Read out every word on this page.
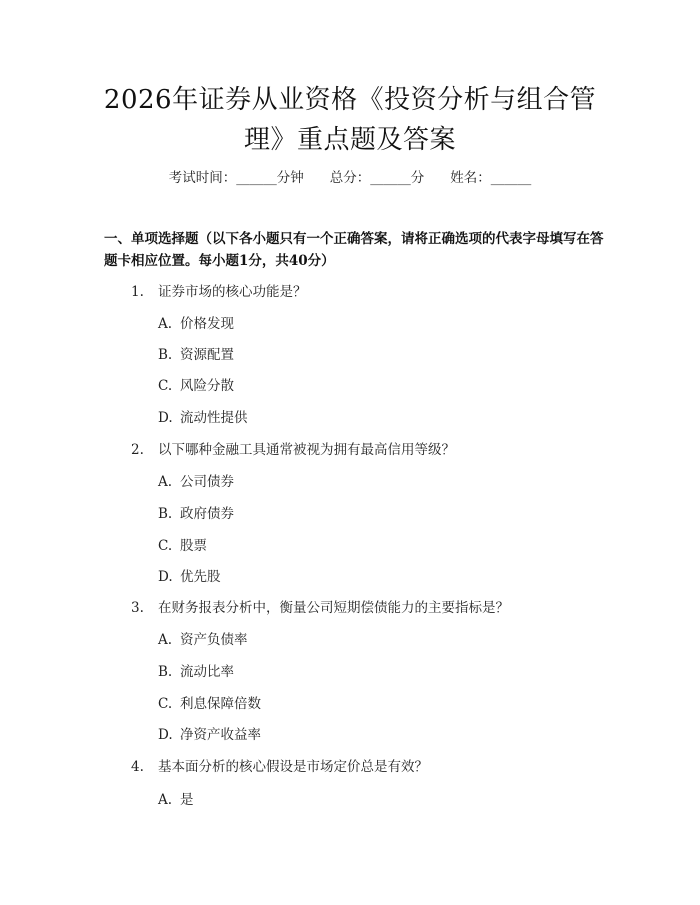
2026年证券从业资格《投资分析与组合管理》重点题及答案
考试时间：______分钟 总分：______分 姓名：______
一、单项选择题（以下各小题只有一个正确答案，请将正确选项的代表字母填写在答题卡相应位置。每小题1分，共40分）
1. 证券市场的核心功能是？
A. 价格发现
B. 资源配置
C. 风险分散
D. 流动性提供
2. 以下哪种金融工具通常被视为拥有最高信用等级？
A. 公司债券
B. 政府债券
C. 股票
D. 优先股
3. 在财务报表分析中，衡量公司短期偿债能力的主要指标是？
A. 资产负债率
B. 流动比率
C. 利息保障倍数
D. 净资产收益率
4. 基本面分析的核心假设是市场定价总是有效？
A. 是
